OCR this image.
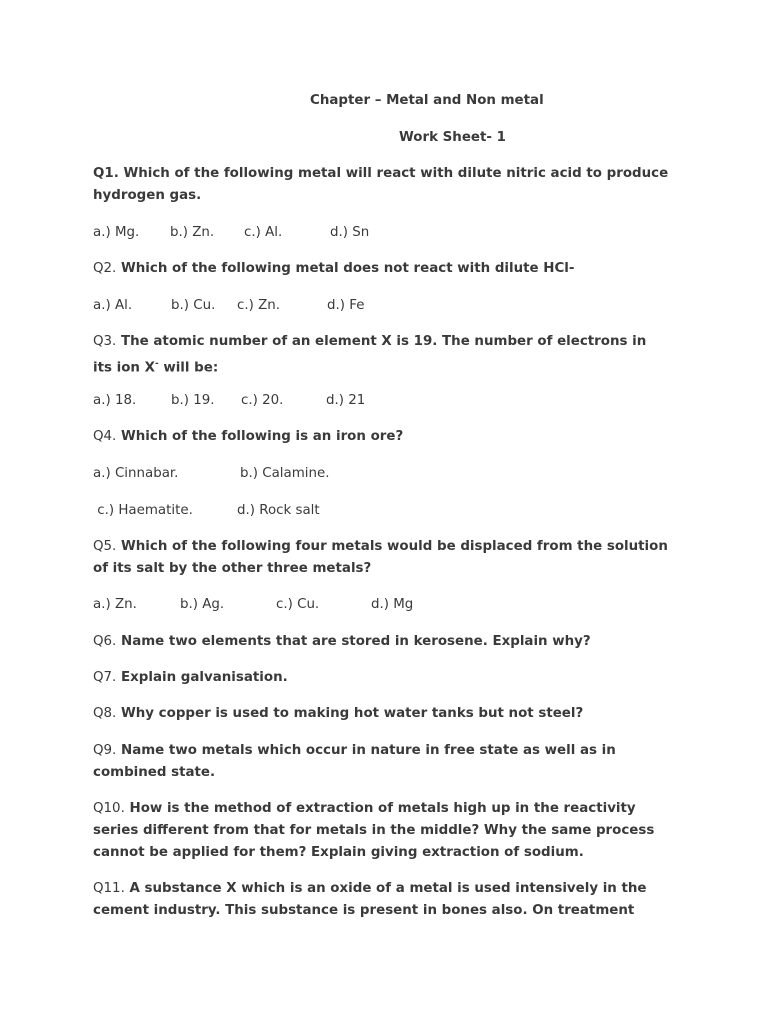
Chapter – Metal and Non metal
Work Sheet- 1
Q1. Which of the following metal will react with dilute nitric acid to produce
hydrogen gas.
a.) Mg. b.) Zn. c.) Al.	d.) Sn
Q2. Which of the following metal does not react with dilute HCl-
a.) Al.	b.) Cu. c.) Zn.	d.) Fe
Q3. The atomic number of an element X is 19. The number of electrons in
its ion X- will be:
a.) 18.	b.) 19. c.) 20.	d.) 21
Q4. Which of the following is an iron ore?
a.) Cinnabar.	b.) Calamine.
c.) Haematite.	d.) Rock salt
Q5. Which of the following four metals would be displaced from the solution
of its salt by the other three metals?
a.) Zn.	b.) Ag.	c.) Cu.	d.) Mg
Q6. Name two elements that are stored in kerosene. Explain why?
Q7. Explain galvanisation.
Q8. Why copper is used to making hot water tanks but not steel?
Q9. Name two metals which occur in nature in free state as well as in
combined state.
Q10. How is the method of extraction of metals high up in the reactivity
series different from that for metals in the middle? Why the same process
cannot be applied for them? Explain giving extraction of sodium.
Q11. A substance X which is an oxide of a metal is used intensively in the
cement industry. This substance is present in bones also. On treatment
